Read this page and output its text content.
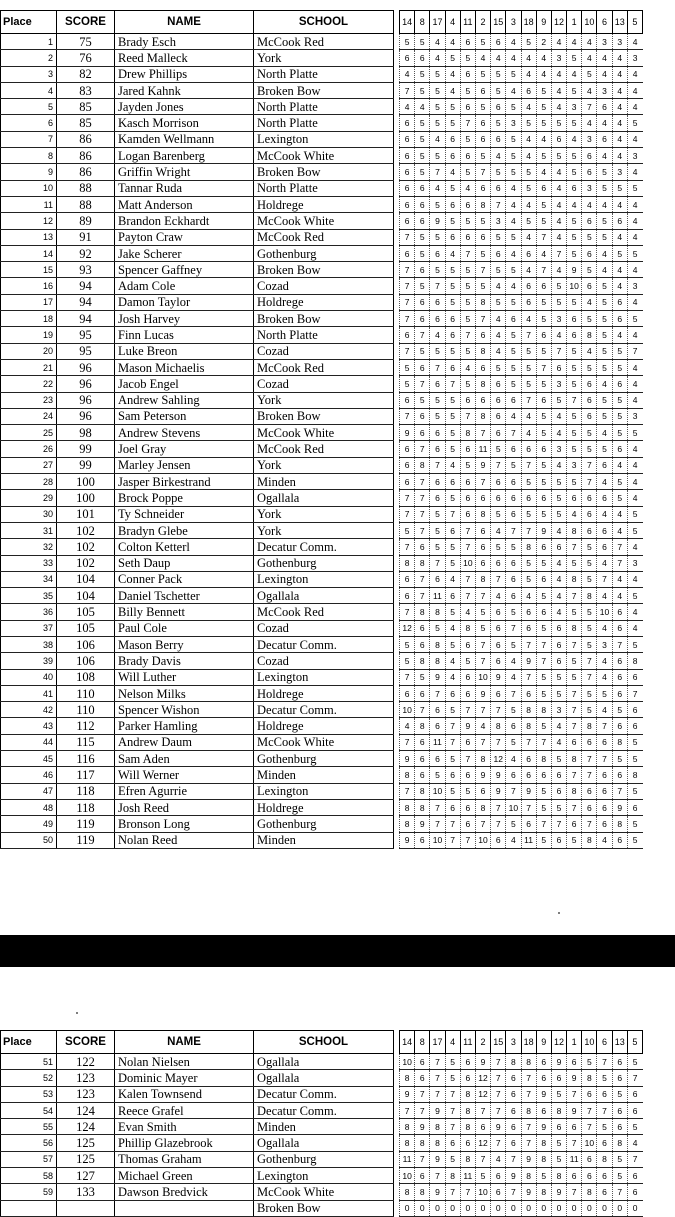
Place	SCORE	NAME	SCHOOL		14	8	17	4	11	2	15	3	18	9	12	1	10	6	13	5
1	75	Brady Esch	McCook Red		5	5	4	4	6	5	6	4	5	2	4	4	4	3	3	4
2	76	Reed Malleck	York		6	6	4	5	5	4	4	4	4	4	3	5	4	4	4	3
3	82	Drew Phillips	North Platte		4	5	5	4	6	5	5	5	4	4	4	4	5	4	4	4
4	83	Jared Kahnk	Broken Bow		7	5	5	4	5	6	5	4	6	5	4	5	4	3	4	4
5	85	Jayden Jones	North Platte		4	4	5	5	6	5	6	5	4	5	4	3	7	6	4	4
6	85	Kasch Morrison	North Platte		6	5	5	5	7	6	5	3	5	5	5	5	4	4	4	5
7	86	Kamden Wellmann	Lexington		6	5	4	6	5	6	6	5	4	4	6	4	3	6	4	4
8	86	Logan Barenberg	McCook White		6	5	5	6	6	5	4	5	4	5	5	5	6	4	4	3
9	86	Griffin Wright	Broken Bow		6	5	7	4	5	7	5	5	5	4	4	5	6	5	3	4
10	88	Tannar Ruda	North Platte		6	6	4	5	4	6	6	4	5	6	4	6	3	5	5	5
11	88	Matt Anderson	Holdrege		6	6	5	6	6	8	7	4	4	5	4	4	4	4	4	4
12	89	Brandon Eckhardt	McCook White		6	6	9	5	5	5	3	4	5	5	4	5	6	5	6	4
13	91	Payton Craw	McCook Red		7	5	5	6	6	6	5	5	4	7	4	5	5	5	4	4
14	92	Jake Scherer	Gothenburg		6	5	6	4	7	5	6	4	6	4	7	5	6	4	5	5
15	93	Spencer Gaffney	Broken Bow		7	6	5	5	5	7	5	5	4	7	4	9	5	4	4	4
16	94	Adam Cole	Cozad		7	5	7	5	5	5	4	4	6	6	5	10	6	5	4	3
17	94	Damon Taylor	Holdrege		7	6	6	5	5	8	5	5	6	5	5	5	4	5	6	4
18	94	Josh Harvey	Broken Bow		7	6	6	6	5	7	4	6	4	5	3	6	5	5	6	5
19	95	Finn Lucas	North Platte		6	7	4	6	7	6	4	5	7	6	4	6	8	5	4	4
20	95	Luke Breon	Cozad		7	5	5	5	5	8	4	5	5	5	7	5	4	5	5	7
21	96	Mason Michaelis	McCook Red		5	6	7	6	4	6	5	5	5	7	6	5	5	5	5	4
22	96	Jacob Engel	Cozad		5	7	6	7	5	8	6	5	5	5	3	5	6	4	6	4
23	96	Andrew Sahling	York		6	5	5	5	6	6	6	6	7	6	5	7	6	5	5	4
24	96	Sam Peterson	Broken Bow		7	6	5	5	7	8	6	4	4	5	4	5	6	5	5	3
25	98	Andrew Stevens	McCook White		9	6	6	5	8	7	6	7	4	5	4	5	5	4	5	5
26	99	Joel Gray	McCook Red		6	7	6	5	6	11	5	6	6	6	3	5	5	5	6	4
27	99	Marley Jensen	York		6	8	7	4	5	9	7	5	7	5	4	3	7	6	4	4
28	100	Jasper Birkestrand	Minden		6	7	6	6	6	7	6	6	5	5	5	5	7	4	5	4
29	100	Brock Poppe	Ogallala		7	7	6	5	6	6	6	6	6	6	5	6	6	6	5	4
30	101	Ty Schneider	York		7	7	5	7	6	8	5	6	5	5	5	4	6	4	4	5
31	102	Bradyn Glebe	York		5	7	5	6	7	6	4	7	7	9	4	8	6	6	4	5
32	102	Colton Ketterl	Decatur Comm.		7	6	5	5	7	6	5	5	8	6	6	7	5	6	7	4
33	102	Seth Daup	Gothenburg		8	8	7	5	10	6	6	6	5	5	4	5	5	4	7	3
34	104	Conner Pack	Lexington		6	7	6	4	7	8	7	6	5	6	4	8	5	7	4	4
35	104	Daniel Tschetter	Ogallala		6	7	11	6	7	7	4	6	4	5	4	7	8	4	4	5
36	105	Billy Bennett	McCook Red		7	8	8	5	4	5	6	5	6	6	4	5	5	10	6	4
37	105	Paul Cole	Cozad		12	6	5	4	8	5	6	7	6	5	6	8	5	4	6	4
38	106	Mason Berry	Decatur Comm.		5	6	8	5	6	7	6	5	7	7	6	7	5	3	7	5
39	106	Brady Davis	Cozad		5	8	8	4	5	7	6	4	9	7	6	5	7	4	6	8
40	108	Will Luther	Lexington		7	5	9	4	6	10	9	4	7	5	5	5	7	4	6	6
41	110	Nelson Milks	Holdrege		6	6	7	6	6	9	6	7	6	5	5	7	5	5	6	7
42	110	Spencer Wishon	Decatur Comm.		10	7	6	5	7	7	7	5	8	8	3	7	5	4	5	6
43	112	Parker Hamling	Holdrege		4	8	6	7	9	4	8	6	8	5	4	7	8	7	6	6
44	115	Andrew Daum	McCook White		7	6	11	7	6	7	7	5	7	7	4	6	6	6	8	5
45	116	Sam Aden	Gothenburg		9	6	6	5	7	8	12	4	6	8	5	8	7	7	5	5
46	117	Will Werner	Minden		8	6	5	6	6	9	9	6	6	6	6	7	7	6	6	8
47	118	Efren Agurrie	Lexington		7	8	10	5	5	6	9	7	9	5	6	8	6	6	7	5
48	118	Josh Reed	Holdrege		8	8	7	6	6	8	7	10	7	5	5	7	6	6	9	6
49	119	Bronson Long	Gothenburg		8	9	7	7	6	7	7	5	6	7	7	6	7	6	8	5
50	119	Nolan Reed	Minden		9	6	10	7	7	10	6	4	11	5	6	5	8	4	6	5
Place	SCORE	NAME	SCHOOL		14	8	17	4	11	2	15	3	18	9	12	1	10	6	13	5
51	122	Nolan Nielsen	Ogallala		10	6	7	5	6	9	7	8	8	6	9	6	5	7	6	5
52	123	Dominic Mayer	Ogallala		8	6	7	5	6	12	7	6	7	6	6	9	8	5	6	7
53	123	Kalen Townsend	Decatur Comm.		9	7	7	7	8	12	7	6	7	9	5	7	6	6	5	6
54	124	Reece Grafel	Decatur Comm.		7	7	9	7	8	7	7	6	8	6	8	9	7	7	6	6
55	124	Evan Smith	Minden		8	9	8	7	8	6	9	6	7	9	6	6	7	5	6	5
56	125	Phillip Glazebrook	Ogallala		8	8	8	6	6	12	7	6	7	8	5	7	10	6	8	4
57	125	Thomas Graham	Gothenburg		11	7	9	5	8	7	4	7	9	8	5	11	6	8	5	7
58	127	Michael Green	Lexington		10	6	7	8	11	5	6	9	8	5	8	6	6	6	5	6
59	133	Dawson Bredvick	McCook White		8	8	9	7	7	10	6	7	9	8	9	7	8	6	7	6
			Broken Bow		0	0	0	0	0	0	0	0	0	0	0	0	0	0	0	0
